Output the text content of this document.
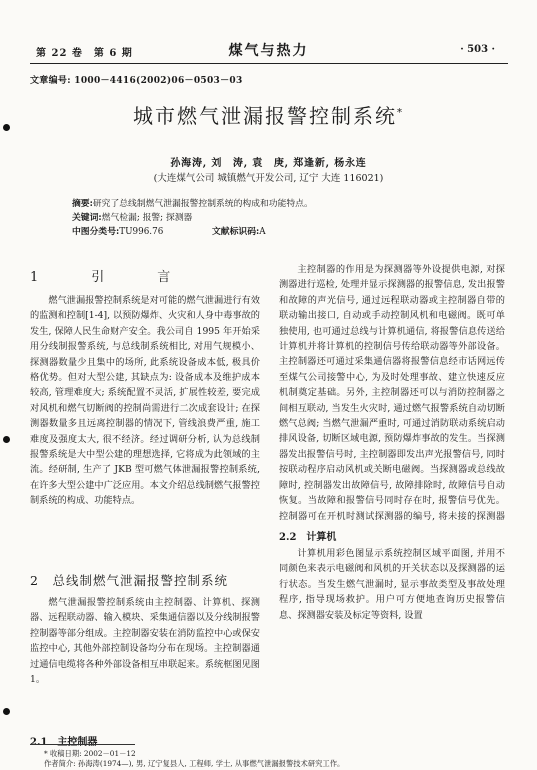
第 22 卷　第 6 期	煤气与热力	· 503 ·
文章编号: 1000－4416(2002)06－0503－03
城市燃气泄漏报警控制系统*
孙海涛, 刘　涛, 袁　庚, 郑逢新, 杨永连
(大连煤气公司 城镇燃气开发公司, 辽宁 大连 116021)
摘要:研究了总线制燃气泄漏报警控制系统的构成和功能特点。
关键词:燃气检漏; 报警; 探测器
中图分类号:TU996.76	文献标识码:A
1　引　言

燃气泄漏报警控制系统是对可能的燃气泄漏进行有效的监测和控制[1-4], 以预防爆炸、火灾和人身中毒事故的发生, 保障人民生命财产安全。我公司自 1995 年开始采用分线制报警系统, 与总线制系统相比, 对用气规模小、探测器数量少且集中的场所, 此系统设备成本低, 极具价格优势。但对大型公建, 其缺点为: 设备成本及维护成本较高, 管理难度大; 系统配置不灵活, 扩展性较差, 要完成对风机和燃气切断阀的控制尚需进行二次成套设计; 在探测器数量多且远离控制器的情况下, 管线浪费严重, 施工难度及强度太大, 很不经济。经过调研分析, 认为总线制报警系统是大中型公建的理想选择, 它将成为此领域的主流。经研制, 生产了 JKB 型可燃气体泄漏报警控制系统, 在许多大型公建中广泛应用。本文介绍总线制燃气报警控制系统的构成、功能特点。

2　总线制燃气泄漏报警控制系统

燃气泄漏报警控制系统由主控制器、计算机、探测器、远程联动器、输入模块、采集通信器以及分线制报警控制器等部分组成。主控制器安装在消防监控中心或保安监控中心, 其他外部控制设备均分布在现场。主控制器通过通信电缆将各种外部设备相互串联起来。系统框图见图 1。

2.1　主控制器

主控制器的作用是为探测器等外设提供电源, 对探测器进行巡检, 处理并显示探测器的报警信息, 发出报警和故障的声光信号, 通过远程联动器或主控制器自带的联动输出接口, 自动或手动控制风机和电磁阀。既可单独使用, 也可通过总线与计算机通信, 将报警信息传送给计算机并将计算机的控制信号传给联动器等外部设备。主控制器还可通过采集通信器将报警信息经市话网远传至煤气公司接警中心, 为及时处理事故、建立快速反应机制奠定基础。另外, 主控制器还可以与消防控制器之间相互联动, 当发生火灾时, 通过燃气报警系统自动切断燃气总阀; 当燃气泄漏严重时, 可通过消防联动系统启动排风设备, 切断区域电源, 预防爆炸事故的发生。当探测器发出报警信号时, 主控制器即发出声光报警信号, 同时按联动程序启动风机或关断电磁阀。当探测器或总线故障时, 控制器发出故障信号, 故障排除时, 故障信号自动恢复。当故障和报警信号同时存在时, 报警信号优先。控制器可在开机时测试探测器的编号, 将未接的探测器

2.2　计算机

计算机用彩色图显示系统控制区域平面图, 并用不同颜色来表示电磁阀和风机的开关状态以及探测器的运行状态。当发生燃气泄漏时, 显示事故类型及事故处理程序, 指导现场救护。用户可方便地查询历史报警信息、探测器安装及标定等资料, 设置

* 收稿日期: 2002－01－12
作者简介: 孙海涛(1974—), 男, 辽宁复县人, 工程师, 学士, 从事燃气泄漏报警技术研究工作。
